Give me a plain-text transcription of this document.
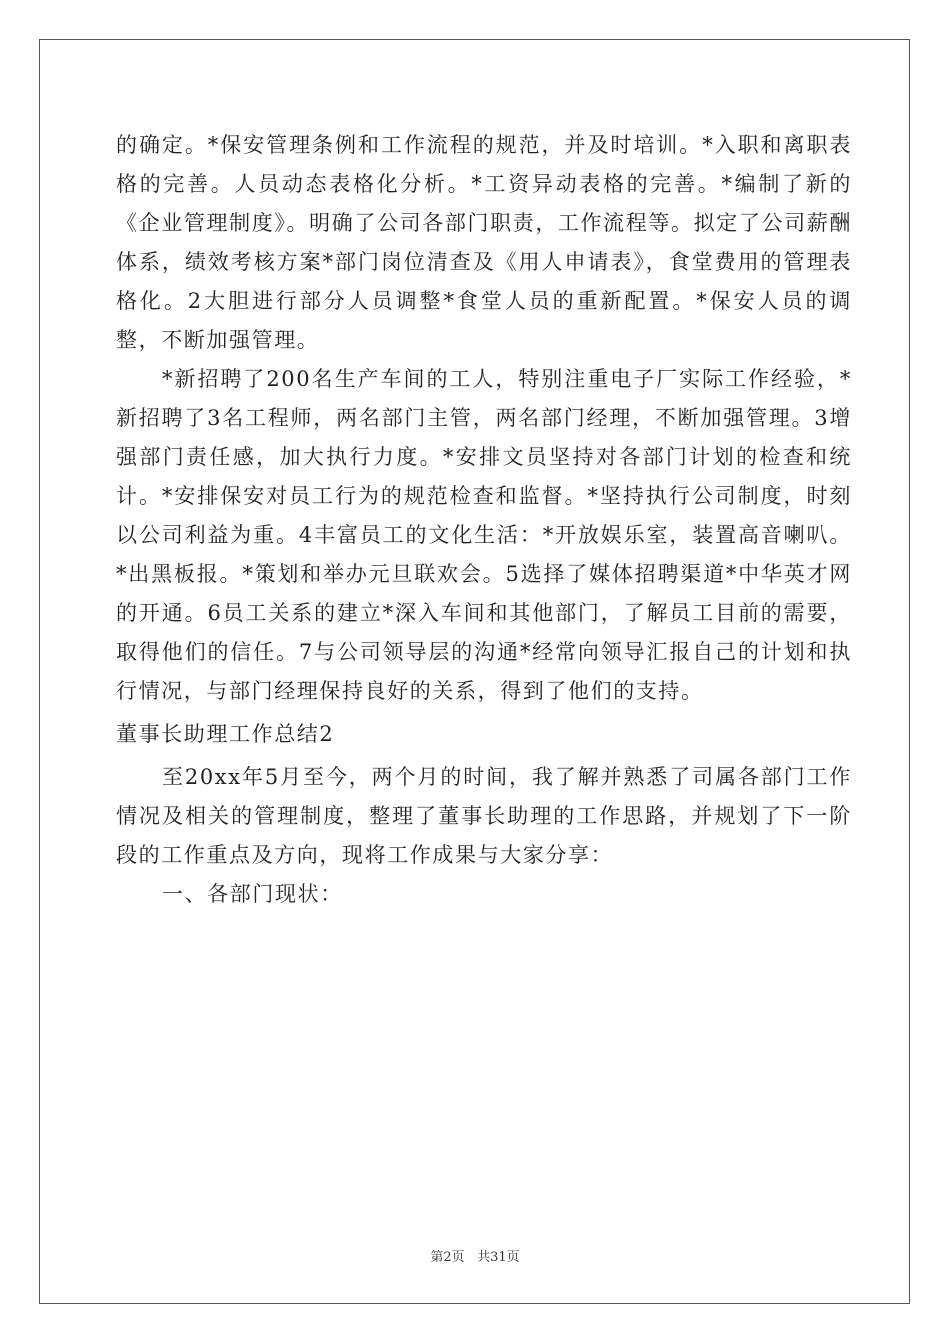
的确定。*保安管理条例和工作流程的规范，并及时培训。*入职和离职表格的完善。人员动态表格化分析。*工资异动表格的完善。*编制了新的《企业管理制度》。明确了公司各部门职责，工作流程等。拟定了公司薪酬体系，绩效考核方案*部门岗位清查及《用人申请表》，食堂费用的管理表格化。2大胆进行部分人员调整*食堂人员的重新配置。*保安人员的调整，不断加强管理。

*新招聘了200名生产车间的工人，特别注重电子厂实际工作经验，*新招聘了3名工程师，两名部门主管，两名部门经理，不断加强管理。3增强部门责任感，加大执行力度。*安排文员坚持对各部门计划的检查和统计。*安排保安对员工行为的规范检查和监督。*坚持执行公司制度，时刻以公司利益为重。4丰富员工的文化生活：*开放娱乐室，装置高音喇叭。*出黑板报。*策划和举办元旦联欢会。5选择了媒体招聘渠道*中华英才网的开通。6员工关系的建立*深入车间和其他部门，了解员工目前的需要，取得他们的信任。7与公司领导层的沟通*经常向领导汇报自己的计划和执行情况，与部门经理保持良好的关系，得到了他们的支持。

董事长助理工作总结2

至20xx年5月至今，两个月的时间，我了解并熟悉了司属各部门工作情况及相关的管理制度，整理了董事长助理的工作思路，并规划了下一阶段的工作重点及方向，现将工作成果与大家分享：

一、各部门现状：

第2页 共31页
